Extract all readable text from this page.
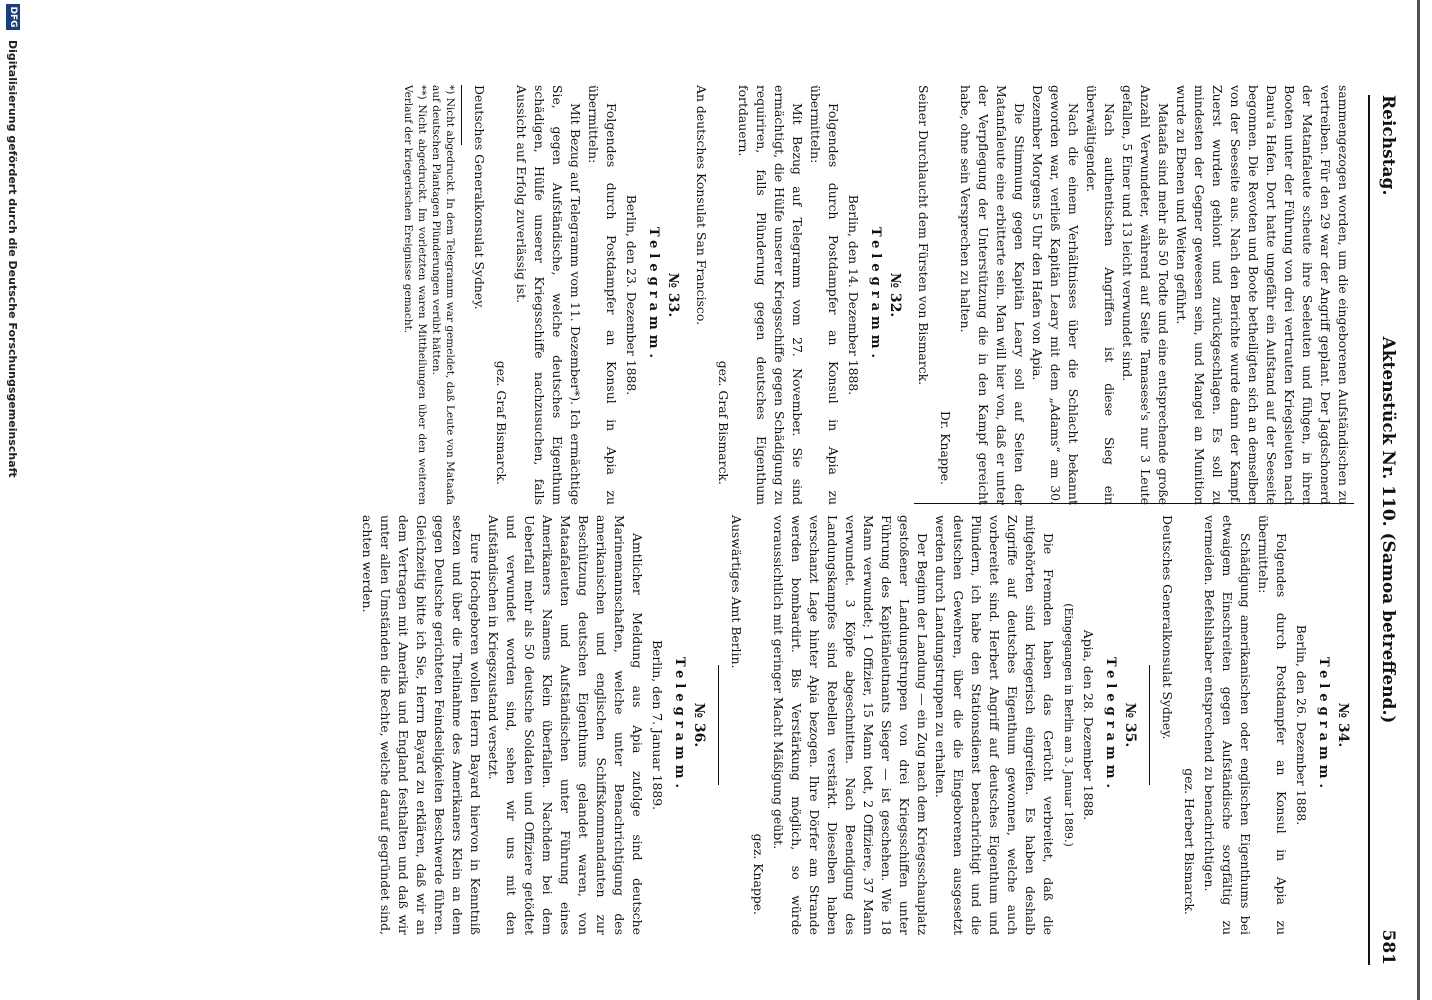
Reichstag.
Aktenstück Nr. 110. (Samoa betreffend.)
581

sammengezogen worden, um die eingeborenen Aufständischen zu vertreiben. Für den 29 war der Angriff geplant. Der Jagdschonerd der Matanfaleute scheute ihre Seeleuten und fühgen, in ihren Booten unter der Führung von drei vertrauten Kriegsleuten nach Danu'a Hafen. Dort hatte ungefähr ein Aufstand auf der Seeseite begonnen. Die Revoten und Boote betheiligten sich an demselben von der Seeseite aus. Nach den Berichte wurde dann der Kampf. Zuerst wurden gehiont und zurückgeschlagen. Es soll zu mindesten der Gegner geweesen sein, und Mangel an Munition wurde zu Ebenen und Weiten geführt.

Mataafa sind mehr als 50 Todte und eine entsprechende große Anzahl Verwundeter, während auf Seite Tamasese's nur 3 Leute gefallen, 5 Einer und 13 leicht verwundet sind.

Nach authentischen Angriffen ist diese Sieg ein überwältigender.

Nach die einem Verhältnisses über die Schlacht bekannt geworden war, verließ Kapitän Leary mit dem „Adams“ am 30. Dezember Morgens 5 Uhr den Hafen von Apia.

Die Stimmung gegen Kapitän Leary soll auf Seiten der Matanfaleute eine erbitterte sein. Man will hier von, daß er unter der Verpflegung der Unterstützung die in den Kampf gereicht habe, ohne sein Versprechen zu halten.

Dr. Knappe.
Seiner Durchlaucht dem Fürsten von Bismarck.
№ 32.
Telegramm.
Berlin, den 14. Dezember 1888.

Folgendes durch Postdampfer an Konsul in Apia zu übermitteln:

Mit Bezug auf Telegramm vom 27. November. Sie sind ermächtigt, die Hülfe unserer Kriegsschiffe gegen Schädigung zu requiriren, falls Plünderung gegen deutsches Eigenthum fortdauern.

gez. Graf Bismarck.
An deutsches Konsulat San Francisco.
№ 33.
Telegramm.
Berlin, den 23. Dezember 1888.

Folgendes durch Postdampfer an Konsul in Apia zu übermitteln:

Mit Bezug auf Telegramm vom 11. Dezember*). Ich ermächtige Sie, gegen Aufständische, welche deutsches Eigenthum schädigen, Hülfe unserer Kriegsschiffe nachzusuchen, falls Aussicht auf Erfolg zuverlässig ist.

gez. Graf Bismarck.
Deutsches Generalkonsulat Sydney.
*) Nicht abgedruckt. In dem Telegramm war gemeldet, daß Leute von Mataafa auf deutschen Plantagen Plünderungen verübt hätten.
**) Nicht abgedruckt. Im vorletzten waren Mittheilungen über den weiteren Verlauf der kriegerischen Ereignisse gemacht.
№ 34.
Telegramm.
Berlin, den 26. Dezember 1888.

Folgendes durch Postdampfer an Konsul in Apia zu übermitteln:

Schädigung amerikanischen oder englischen Eigenthums bei etwaigem Einschreiten gegen Aufständische sorgfältig zu vermeiden. Befehlshaber entsprechend zu benachrichtigen.

gez. Herbert Bismarck.
Deutsches Generalkonsulat Sydney.
№ 35.
Telegramm.
Apia, den 28. Dezember 1888.
(Eingegangen in Berlin am 3. Januar 1889.)

Die Fremden haben das Gerücht verbreitet, daß die mitgehörten sind kriegerisch eingreifen. Es haben deshalb Zugriffe auf deutsches Eigenthum gewonnen, welche auch vorbereitet sind. Herbert Angriff auf deutsches Eigenthum und Plündern, ich habe den Stationsdienst benachrichtigt und die deutschen Gewehren, über die die Eingeborenen ausgesetzt werden durch Landungstruppen zu erhalten.

Der Beginn der Landung — ein Zug nach dem Kriegsschauplatz gestoßener Landungstruppen von drei Kriegsschiffen unter Führung des Kapitänleutnants Sieger — ist geschehen. Wie 18 Mann verwundet; 1 Offizier, 15 Mann todt, 2 Offiziere, 37 Mann verwundet. 3 Köpfe abgeschnitten. Nach Beendigung des Landungskampfes sind Rebellen verstärkt. Dieselben haben verschanzt Lage hinter Apia bezogen. Ihre Dörfer am Strande werden bombardirt. Bis Verstärkung möglich, so würde voraussichtlich mit geringer Macht Mäßigung geübt.

gez. Knappe.
Auswärtiges Amt Berlin.
№ 36.
Telegramm.
Berlin, den 7. Januar 1889.

Amtlicher Meldung aus Apia zufolge sind deutsche Marinemannschaften, welche unter Benachrichtigung des amerikanischen und englischen Schiffskommandanten zur Beschützung deutschen Eigenthums gelandet waren, von Mataafaleuten und Aufständischen unter Führung eines Amerikaners Namens Klein überfallen. Nachdem bei dem Ueberfall mehr als 50 deutsche Soldaten und Offiziere getödtet und verwundet worden sind, sehen wir uns mit den Aufständischen in Kriegszustand versetzt.

Eure Hochgeboren wollen Herrn Bayard hiervon in Kenntniß setzen und über die Theilnahme des Amerikaners Klein an dem gegen Deutsche gerichteten Feindseligkeiten Beschwerde führen. Gleichzeitig bitte ich Sie, Herrn Bayard zu erklären, daß wir an dem Vertragen mit Amerika und England festhalten und daß wir unter allen Umständen die Rechte, welche darauf gegründet sind, achten werden.

DFG
Digitalisierung gefördert durch die Deutsche Forschungsgemeinschaft
